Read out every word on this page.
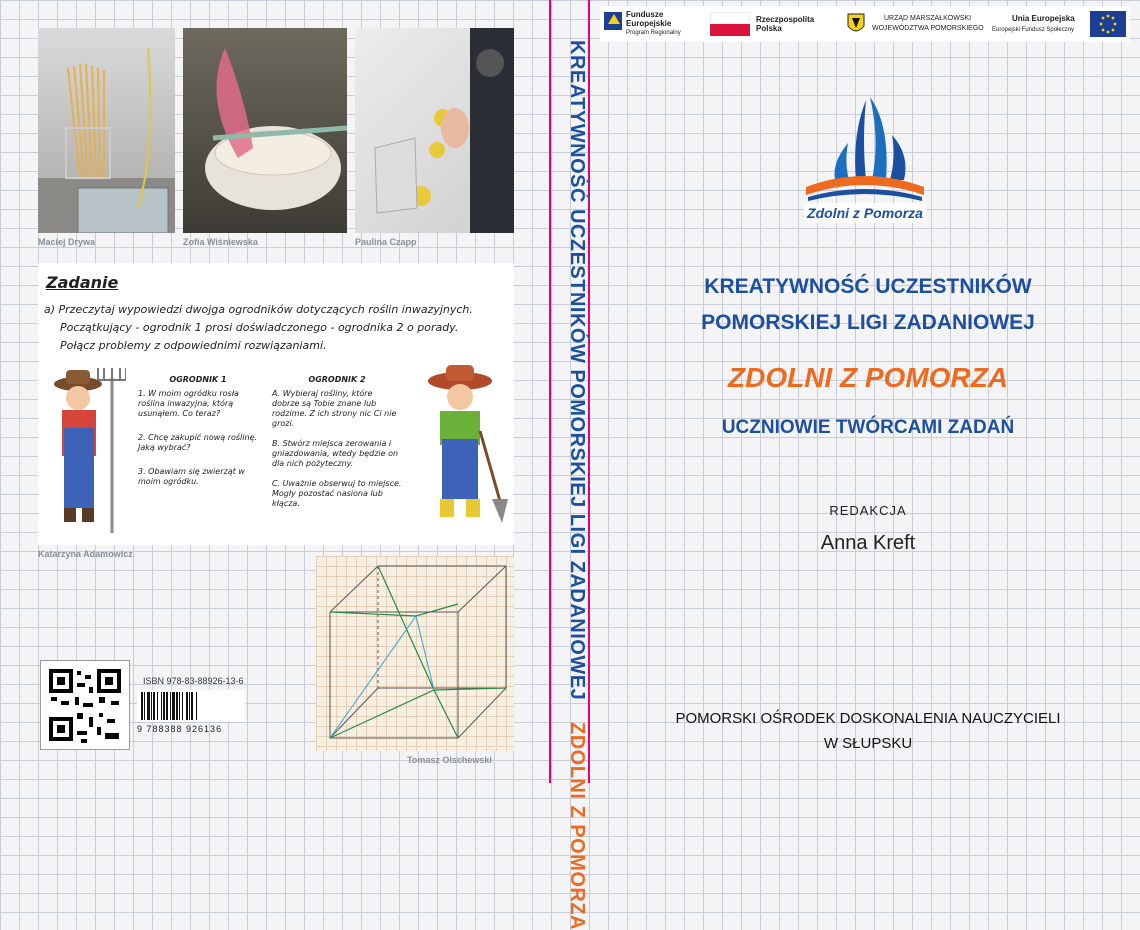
Maciej Drywa	Zofia Wiśniewska	Paulina Czapp
Zadanie
a) Przeczytaj wypowiedzi dwojga ogrodników dotyczących roślin inwazyjnych.
Początkujący - ogrodnik 1 prosi doświadczonego - ogrodnika 2 o porady.
Połącz problemy z odpowiednimi rozwiązaniami.
OGRODNIK 1
1. W moim ogródku rosła roślina inwazyjna, którą usunąłem. Co teraz?
2. Chcę zakupić nową roślinę. Jaką wybrać?
3. Obawiam się zwierząt w moim ogródku.
OGRODNIK 2
A. Wybieraj rośliny, które dobrze są Tobie znane lub rodzime. Z ich strony nic Ci nie grozi.
B. Stwórz miejsca zerowania i gniazdowania, wtedy będzie on dla nich pożyteczny.
C. Uważnie obserwuj to miejsce. Mogły pozostać nasiona lub kłącza.
Katarzyna Adamowicz
Tomasz Olschewski
ISBN 978-83-88926-13-6
9 788388 926136
KREATYWNOŚĆ UCZESTNIKÓW POMORSKIEJ LIGI ZADANIOWEJ
ZDOLNI Z POMORZA
Fundusze
Europejskie
Program Regionalny
Rzeczpospolita
Polska
URZĄD MARSZAŁKOWSKI
WOJEWÓDZTWA POMORSKIEGO
Unia Europejska
Europejski Fundusz Społeczny
Zdolni z Pomorza
KREATYWNOŚĆ UCZESTNIKÓW
POMORSKIEJ LIGI ZADANIOWEJ
ZDOLNI Z POMORZA
UCZNIOWIE TWÓRCAMI ZADAŃ
REDAKCJA
Anna Kreft
POMORSKI OŚRODEK DOSKONALENIA NAUCZYCIELI
W SŁUPSKU
